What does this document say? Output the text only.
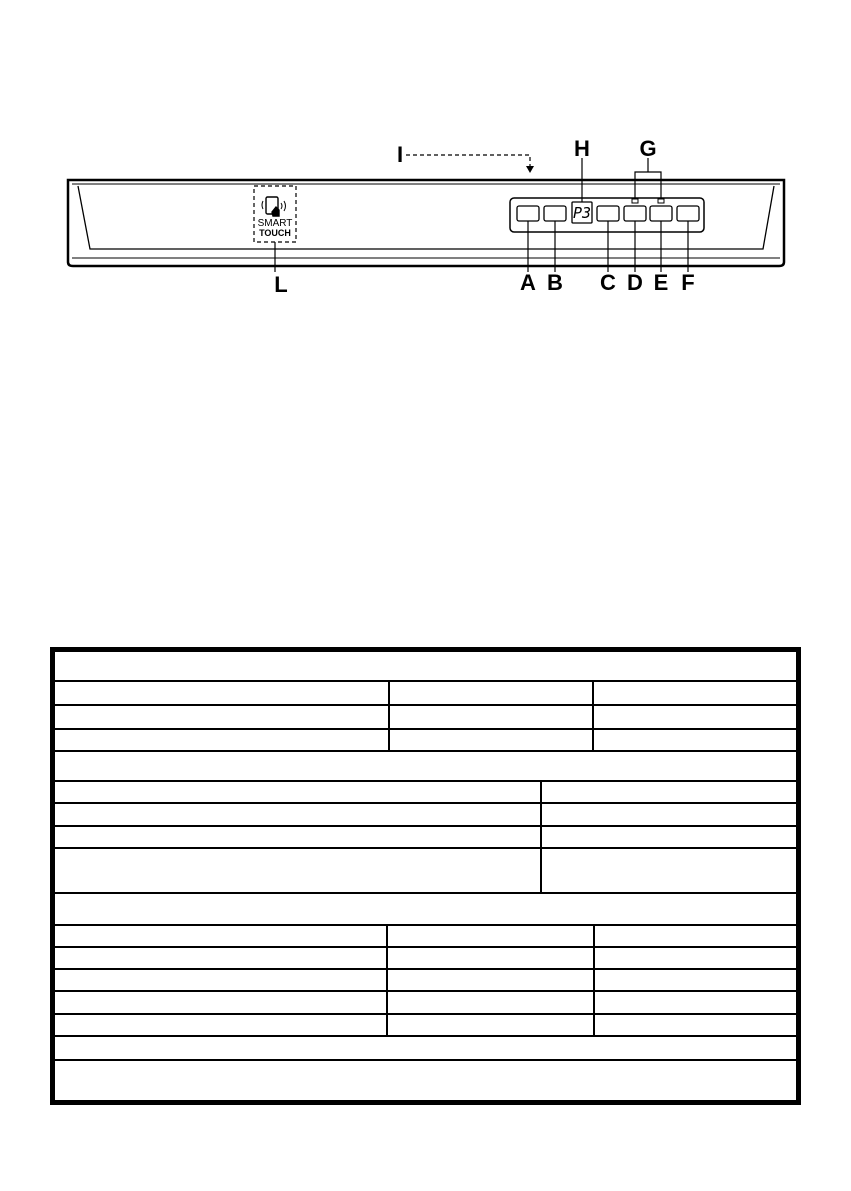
SMART
TOUCH
P3
A B C D E F
G
H
I
L
